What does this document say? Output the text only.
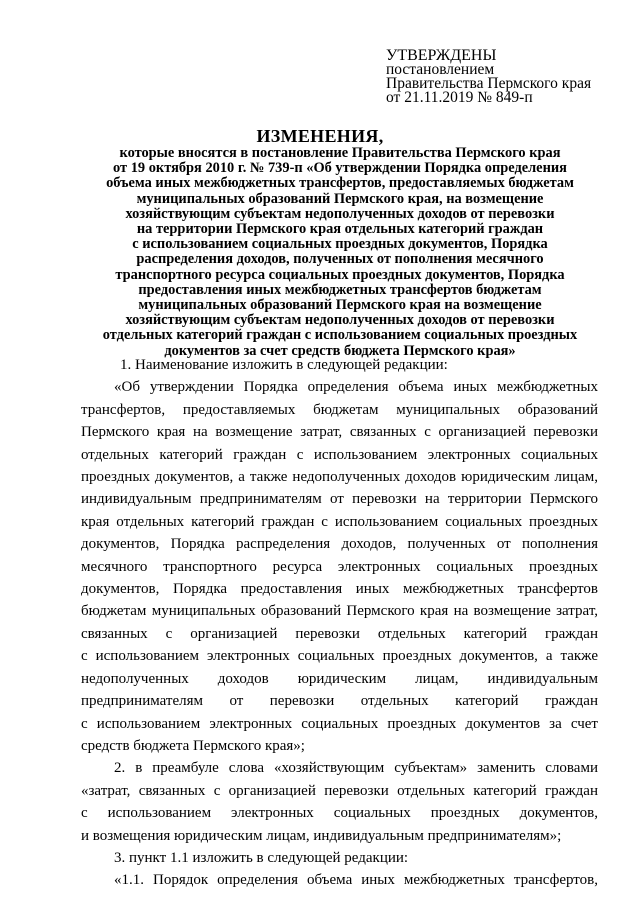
УТВЕРЖДЕНЫ
постановлением
Правительства Пермского края
от 21.11.2019 № 849-п
ИЗМЕНЕНИЯ,
которые вносятся в постановление Правительства Пермского края
от 19 октября 2010 г. № 739-п «Об утверждении Порядка определения
объема иных межбюджетных трансфертов, предоставляемых бюджетам
муниципальных образований Пермского края, на возмещение
хозяйствующим субъектам недополученных доходов от перевозки
на территории Пермского края отдельных категорий граждан
с использованием социальных проездных документов, Порядка
распределения доходов, полученных от пополнения месячного
транспортного ресурса социальных проездных документов, Порядка
предоставления иных межбюджетных трансфертов бюджетам
муниципальных образований Пермского края на возмещение
хозяйствующим субъектам недополученных доходов от перевозки
отдельных категорий граждан с использованием социальных проездных
документов за счет средств бюджета Пермского края»
1. Наименование изложить в следующей редакции:
«Об утверждении Порядка определения объема иных межбюджетных
трансфертов, предоставляемых бюджетам муниципальных образований
Пермского края на возмещение затрат, связанных с организацией перевозки
отдельных категорий граждан с использованием электронных социальных
проездных документов, а также недополученных доходов юридическим лицам,
индивидуальным предпринимателям от перевозки на территории Пермского
края отдельных категорий граждан с использованием социальных проездных
документов, Порядка распределения доходов, полученных от пополнения
месячного транспортного ресурса электронных социальных проездных
документов, Порядка предоставления иных межбюджетных трансфертов
бюджетам муниципальных образований Пермского края на возмещение затрат,
связанных с организацией перевозки отдельных категорий граждан
с использованием электронных социальных проездных документов, а также
недополученных доходов юридическим лицам, индивидуальным
предпринимателям от перевозки отдельных категорий граждан
с использованием электронных социальных проездных документов за счет
средств бюджета Пермского края»;
2. в преамбуле слова «хозяйствующим субъектам» заменить словами
«затрат, связанных с организацией перевозки отдельных категорий граждан
с использованием электронных социальных проездных документов,
и возмещения юридическим лицам, индивидуальным предпринимателям»;
3. пункт 1.1 изложить в следующей редакции:
«1.1. Порядок определения объема иных межбюджетных трансфертов,
